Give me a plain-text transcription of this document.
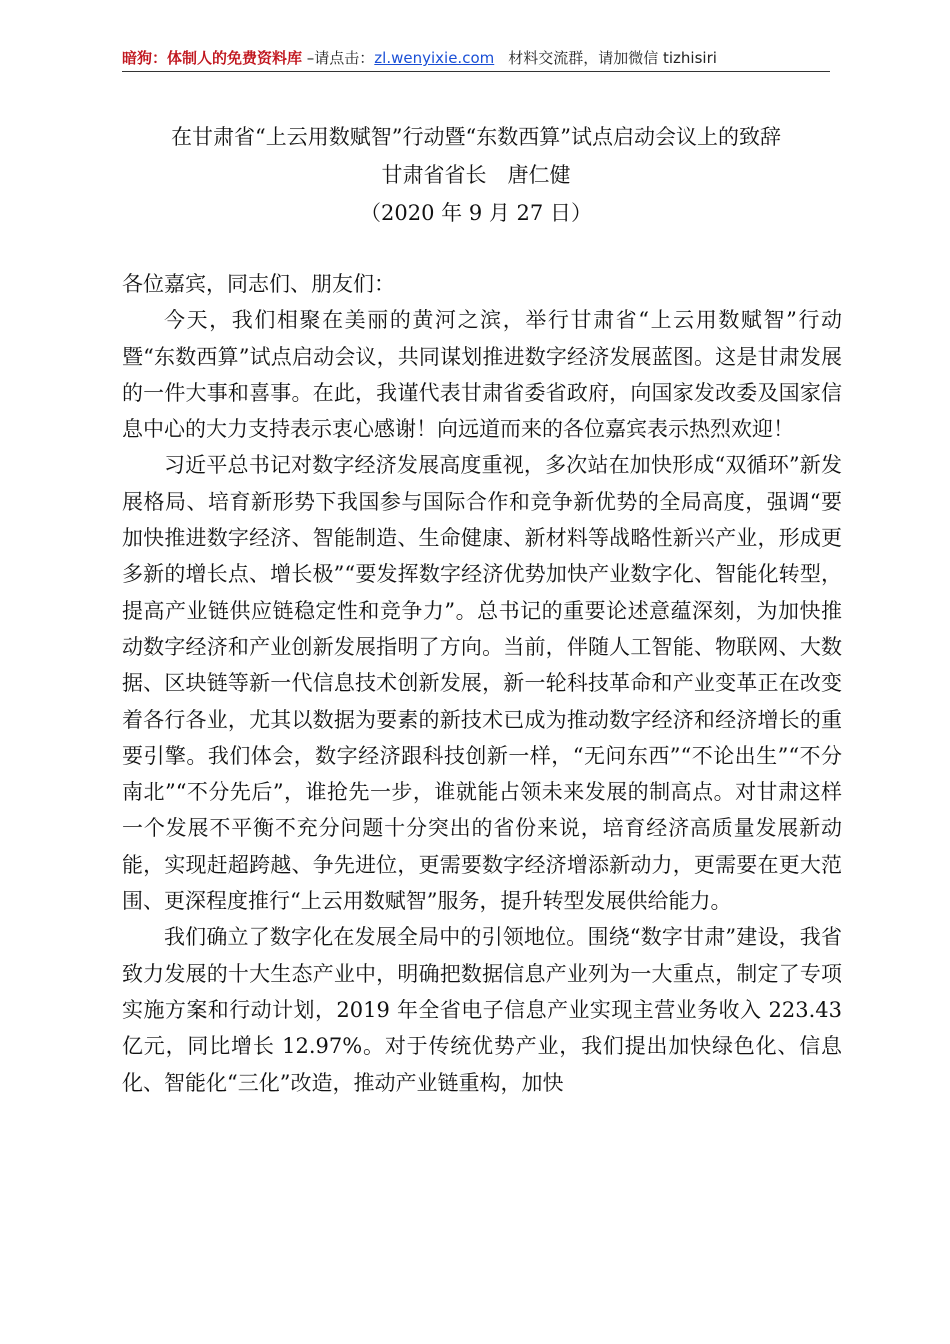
暗狗：体制人的免费资料库 –请点击：zl.wenyixie.com 材料交流群，请加微信 tizhisiri
在甘肃省“上云用数赋智”行动暨“东数西算”试点启动会议上的致辞
甘肃省省长　唐仁健
（2020 年 9 月 27 日）

各位嘉宾，同志们、朋友们：

今天，我们相聚在美丽的黄河之滨，举行甘肃省“上云用数赋智”行动暨“东数西算”试点启动会议，共同谋划推进数字经济发展蓝图。这是甘肃发展的一件大事和喜事。在此，我谨代表甘肃省委省政府，向国家发改委及国家信息中心的大力支持表示衷心感谢！向远道而来的各位嘉宾表示热烈欢迎！

习近平总书记对数字经济发展高度重视，多次站在加快形成“双循环”新发展格局、培育新形势下我国参与国际合作和竞争新优势的全局高度，强调“要加快推进数字经济、智能制造、生命健康、新材料等战略性新兴产业，形成更多新的增长点、增长极”“要发挥数字经济优势加快产业数字化、智能化转型，提高产业链供应链稳定性和竞争力”。总书记的重要论述意蕴深刻，为加快推动数字经济和产业创新发展指明了方向。当前，伴随人工智能、物联网、大数据、区块链等新一代信息技术创新发展，新一轮科技革命和产业变革正在改变着各行各业，尤其以数据为要素的新技术已成为推动数字经济和经济增长的重要引擎。我们体会，数字经济跟科技创新一样，“无问东西”“不论出生”“不分南北”“不分先后”，谁抢先一步，谁就能占领未来发展的制高点。对甘肃这样一个发展不平衡不充分问题十分突出的省份来说，培育经济高质量发展新动能，实现赶超跨越、争先进位，更需要数字经济增添新动力，更需要在更大范围、更深程度推行“上云用数赋智”服务，提升转型发展供给能力。

我们确立了数字化在发展全局中的引领地位。围绕“数字甘肃”建设，我省致力发展的十大生态产业中，明确把数据信息产业列为一大重点，制定了专项实施方案和行动计划，2019 年全省电子信息产业实现主营业务收入 223.43 亿元，同比增长 12.97%。对于传统优势产业，我们提出加快绿色化、信息化、智能化“三化”改造，推动产业链重构，加快
